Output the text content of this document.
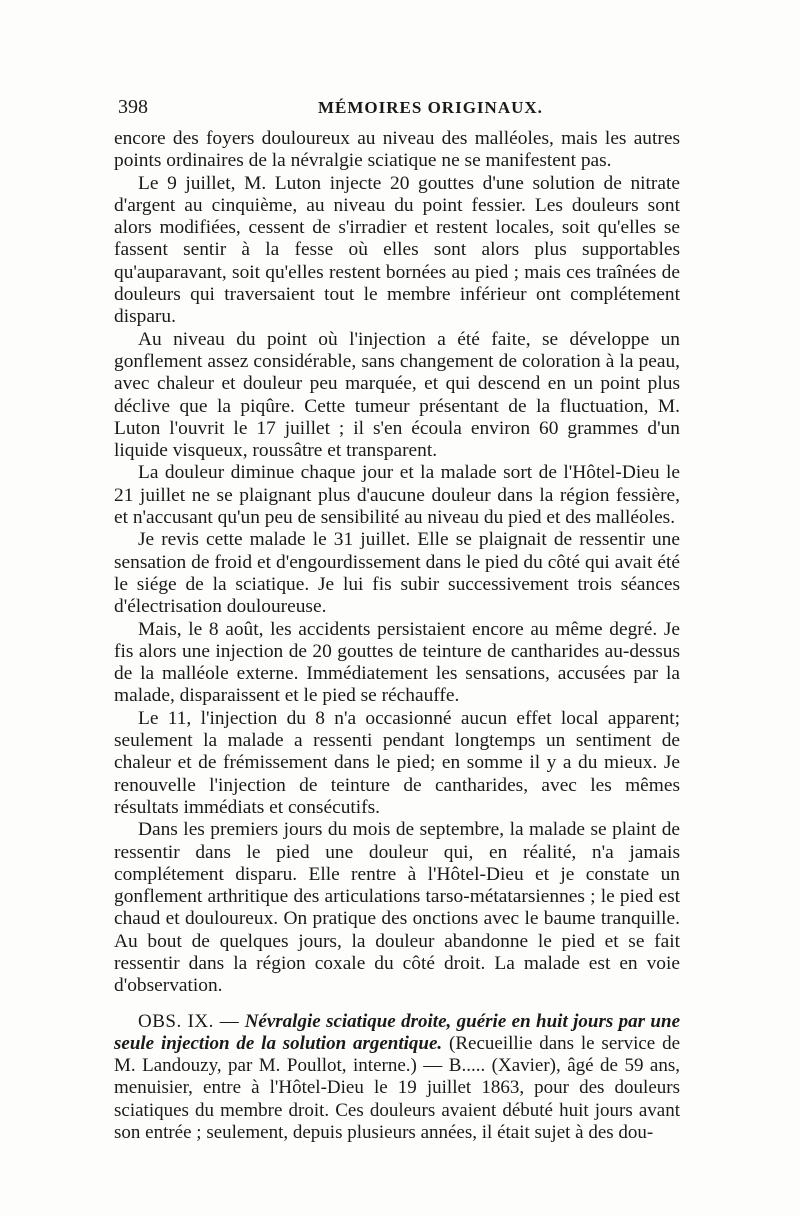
398	MÉMOIRES ORIGINAUX.

encore des foyers douloureux au niveau des malléoles, mais les autres points ordinaires de la névralgie sciatique ne se manifestent pas.

Le 9 juillet, M. Luton injecte 20 gouttes d'une solution de nitrate d'argent au cinquième, au niveau du point fessier. Les douleurs sont alors modifiées, cessent de s'irradier et restent locales, soit qu'elles se fassent sentir à la fesse où elles sont alors plus supportables qu'auparavant, soit qu'elles restent bornées au pied ; mais ces traînées de douleurs qui traversaient tout le membre inférieur ont complétement disparu.

Au niveau du point où l'injection a été faite, se développe un gonflement assez considérable, sans changement de coloration à la peau, avec chaleur et douleur peu marquée, et qui descend en un point plus déclive que la piqûre. Cette tumeur présentant de la fluctuation, M. Luton l'ouvrit le 17 juillet ; il s'en écoula environ 60 grammes d'un liquide visqueux, roussâtre et transparent.

La douleur diminue chaque jour et la malade sort de l'Hôtel-Dieu le 21 juillet ne se plaignant plus d'aucune douleur dans la région fessière, et n'accusant qu'un peu de sensibilité au niveau du pied et des malléoles.

Je revis cette malade le 31 juillet. Elle se plaignait de ressentir une sensation de froid et d'engourdissement dans le pied du côté qui avait été le siége de la sciatique. Je lui fis subir successivement trois séances d'électrisation douloureuse.

Mais, le 8 août, les accidents persistaient encore au même degré. Je fis alors une injection de 20 gouttes de teinture de cantharides au-dessus de la malléole externe. Immédiatement les sensations, accusées par la malade, disparaissent et le pied se réchauffe.

Le 11, l'injection du 8 n'a occasionné aucun effet local apparent; seulement la malade a ressenti pendant longtemps un sentiment de chaleur et de frémissement dans le pied; en somme il y a du mieux. Je renouvelle l'injection de teinture de cantharides, avec les mêmes résultats immédiats et consécutifs.

Dans les premiers jours du mois de septembre, la malade se plaint de ressentir dans le pied une douleur qui, en réalité, n'a jamais complétement disparu. Elle rentre à l'Hôtel-Dieu et je constate un gonflement arthritique des articulations tarso-métatarsiennes ; le pied est chaud et douloureux. On pratique des onctions avec le baume tranquille. Au bout de quelques jours, la douleur abandonne le pied et se fait ressentir dans la région coxale du côté droit. La malade est en voie d'observation.

OBS. IX. — Névralgie sciatique droite, guérie en huit jours par une seule injection de la solution argentique. (Recueillie dans le service de M. Landouzy, par M. Poullot, interne.) — B..... (Xavier), âgé de 59 ans, menuisier, entre à l'Hôtel-Dieu le 19 juillet 1863, pour des douleurs sciatiques du membre droit. Ces douleurs avaient débuté huit jours avant son entrée ; seulement, depuis plusieurs années, il était sujet à des dou-
